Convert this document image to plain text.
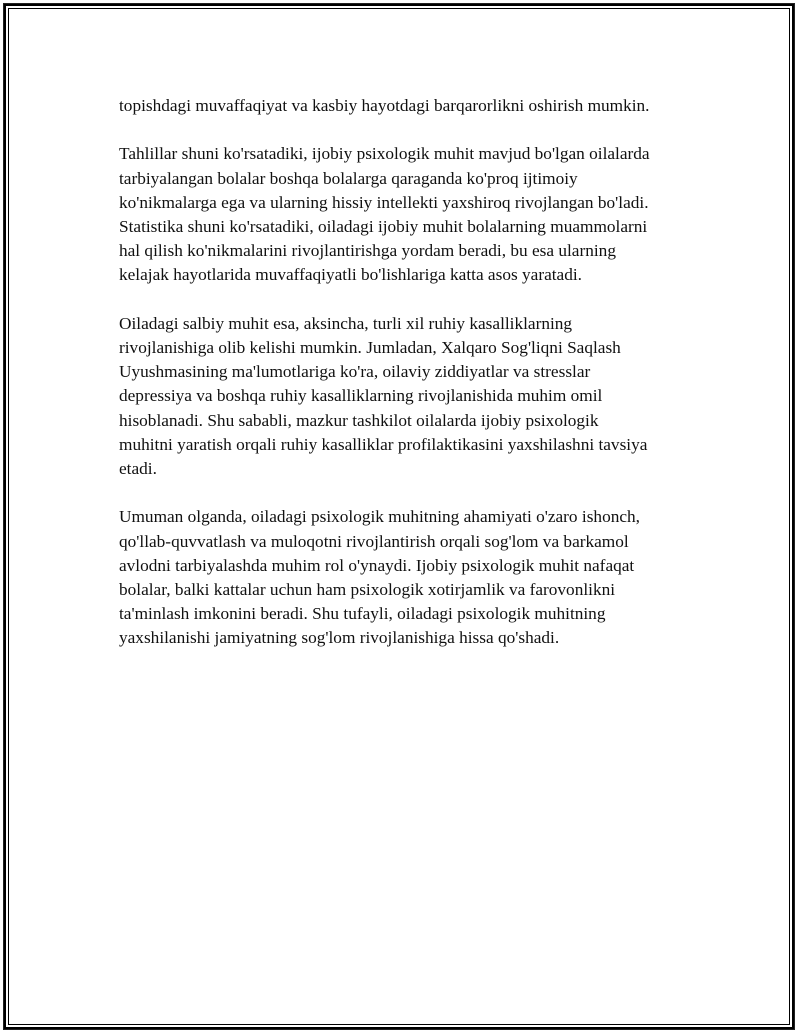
topishdagi muvaffaqiyat va kasbiy hayotdagi barqarorlikni oshirish mumkin.

Tahlillar shuni ko'rsatadiki, ijobiy psixologik muhit mavjud bo'lgan oilalarda
tarbiyalangan bolalar boshqa bolalarga qaraganda ko'proq ijtimoiy
ko'nikmalarga ega va ularning hissiy intellekti yaxshiroq rivojlangan bo'ladi.
Statistika shuni ko'rsatadiki, oiladagi ijobiy muhit bolalarning muammolarni
hal qilish ko'nikmalarini rivojlantirishga yordam beradi, bu esa ularning
kelajak hayotlarida muvaffaqiyatli bo'lishlariga katta asos yaratadi.

Oiladagi salbiy muhit esa, aksincha, turli xil ruhiy kasalliklarning
rivojlanishiga olib kelishi mumkin. Jumladan, Xalqaro Sog'liqni Saqlash
Uyushmasining ma'lumotlariga ko'ra, oilaviy ziddiyatlar va stresslar
depressiya va boshqa ruhiy kasalliklarning rivojlanishida muhim omil
hisoblanadi. Shu sababli, mazkur tashkilot oilalarda ijobiy psixologik
muhitni yaratish orqali ruhiy kasalliklar profilaktikasini yaxshilashni tavsiya
etadi.

Umuman olganda, oiladagi psixologik muhitning ahamiyati o'zaro ishonch,
qo'llab-quvvatlash va muloqotni rivojlantirish orqali sog'lom va barkamol
avlodni tarbiyalashda muhim rol o'ynaydi. Ijobiy psixologik muhit nafaqat
bolalar, balki kattalar uchun ham psixologik xotirjamlik va farovonlikni
ta'minlash imkonini beradi. Shu tufayli, oiladagi psixologik muhitning
yaxshilanishi jamiyatning sog'lom rivojlanishiga hissa qo'shadi.
